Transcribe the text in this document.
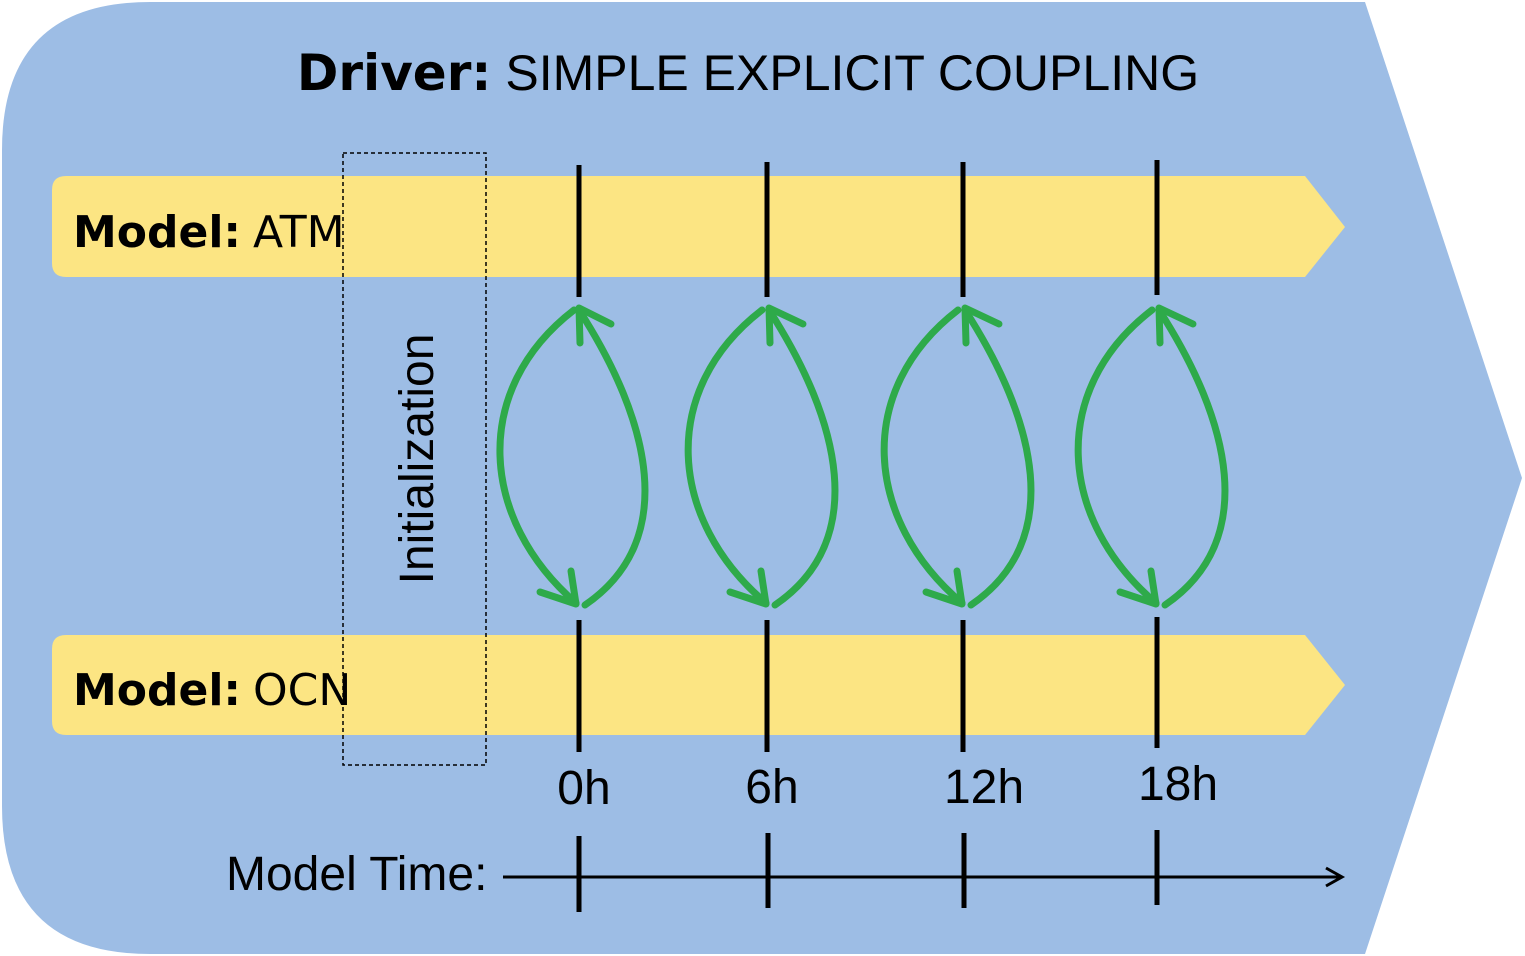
Driver: SIMPLE EXPLICIT COUPLING
Model: ATM
Model: OCN
Initialization
0h	6h	12h 18h
Model Time:
